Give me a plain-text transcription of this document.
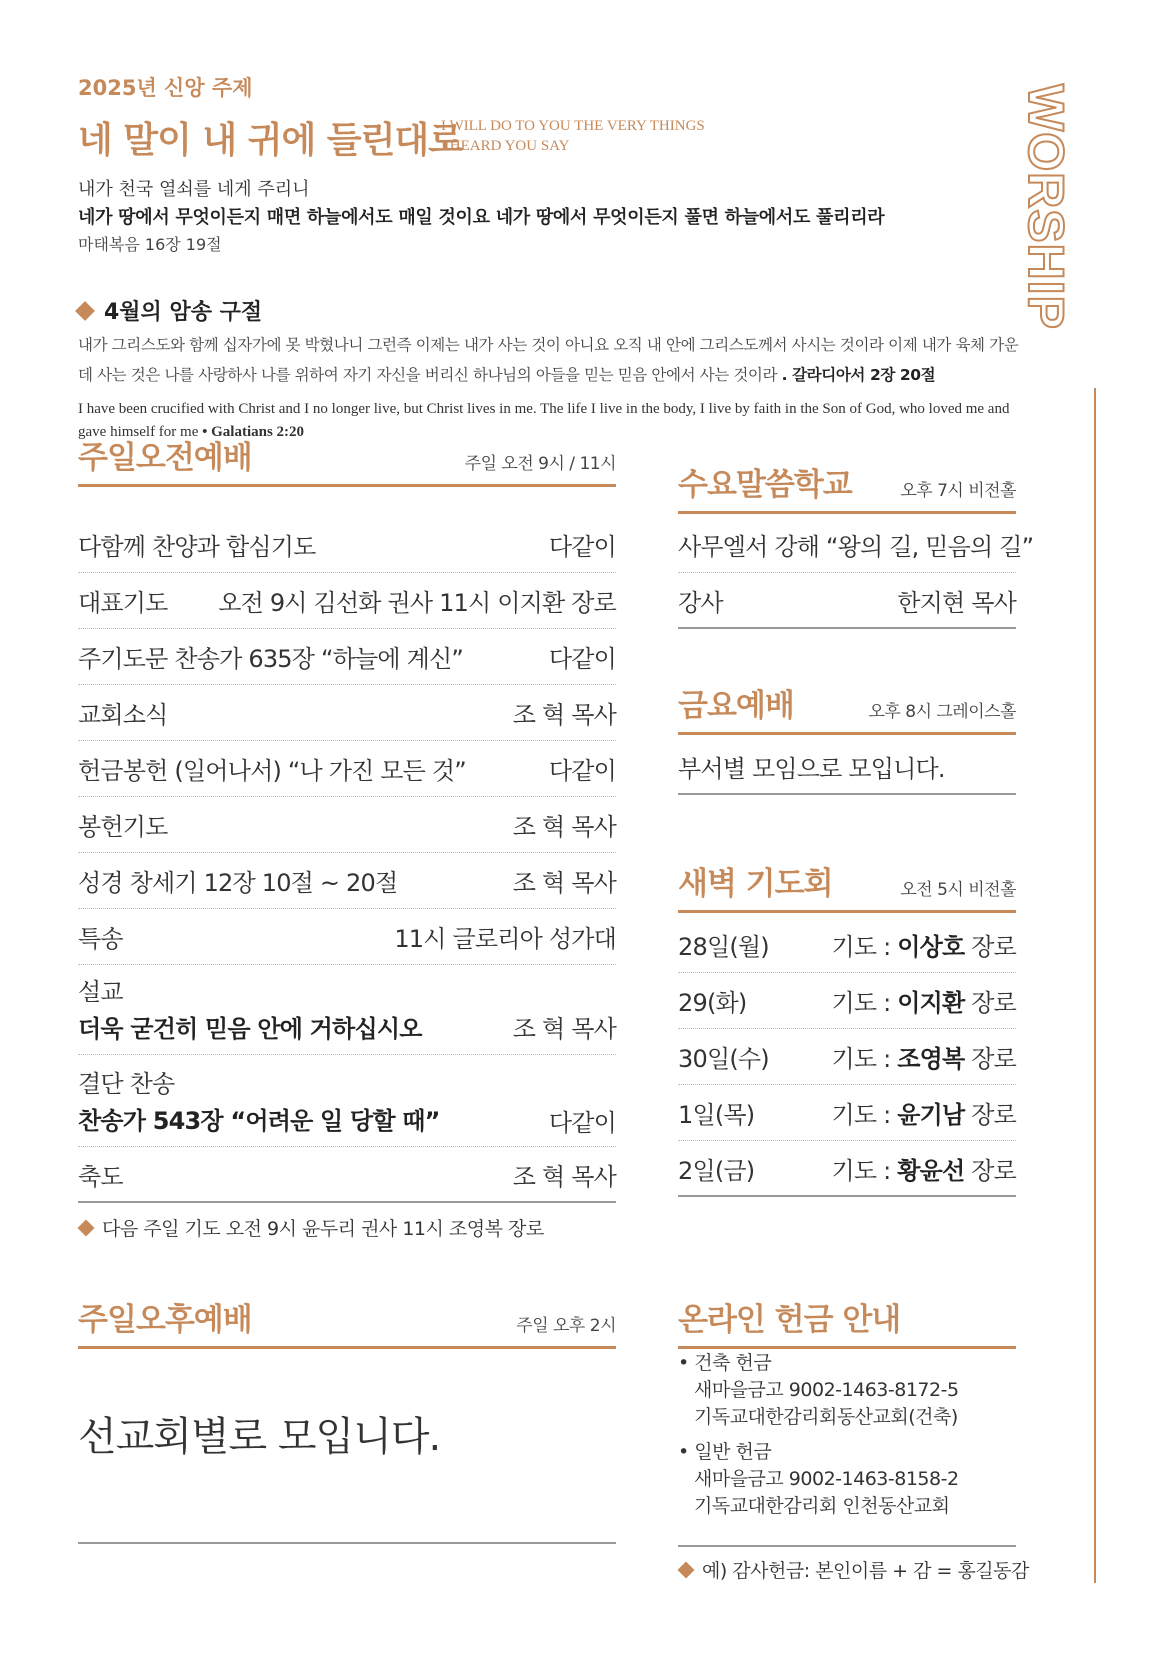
2025년 신앙 주제
네 말이 내 귀에 들린대로
I WILL DO TO YOU THE VERY THINGS
I HEARD YOU SAY
내가 천국 열쇠를 네게 주리니
네가 땅에서 무엇이든지 매면 하늘에서도 매일 것이요 네가 땅에서 무엇이든지 풀면 하늘에서도 풀리리라
마태복음 16장 19절
4월의 암송 구절
내가 그리스도와 함께 십자가에 못 박혔나니 그런즉 이제는 내가 사는 것이 아니요 오직 내 안에 그리스도께서 사시는 것이라 이제 내가 육체 가운데 사는 것은 나를 사랑하사 나를 위하여 자기 자신을 버리신 하나님의 아들을 믿는 믿음 안에서 사는 것이라 . 갈라디아서 2장 20절
I have been crucified with Christ and I no longer live, but Christ lives in me. The life I live in the body, I live by faith in the Son of God, who loved me and gave himself for me • Galatians 2:20
WORSHIP
주일오전예배	주일 오전 9시 / 11시
다함께 찬양과 합심기도	다같이
대표기도 오전 9시 김선화 권사 11시 이지환 장로
주기도문 찬송가 635장 “하늘에 계신”	다같이
교회소식	조 혁 목사
헌금봉헌 (일어나서) “나 가진 모든 것”	다같이
봉헌기도	조 혁 목사
성경 창세기 12장 10절 ~ 20절	조 혁 목사
특송	11시 글로리아 성가대
설교
더욱 굳건히 믿음 안에 거하십시오	조 혁 목사
결단 찬송
찬송가 543장 “어려운 일 당할 때”	다같이
축도	조 혁 목사
다음 주일 기도 오전 9시 윤두리 권사 11시 조영복 장로
주일오후예배	주일 오후 2시
선교회별로 모입니다.
수요말씀학교	오후 7시 비전홀
사무엘서 강해 “왕의 길, 믿음의 길”
강사	한지현 목사
금요예배	오후 8시 그레이스홀
부서별 모임으로 모입니다.
새벽 기도회	오전 5시 비전홀
28일(월)	기도 : 이상호 장로
29(화)	기도 : 이지환 장로
30일(수)	기도 : 조영복 장로
1일(목)	기도 : 윤기남 장로
2일(금)	기도 : 황윤선 장로
온라인 헌금 안내
• 건축 헌금
새마을금고 9002-1463-8172-5
기독교대한감리회동산교회(건축)
• 일반 헌금
새마을금고 9002-1463-8158-2
기독교대한감리회 인천동산교회
예) 감사헌금: 본인이름 + 감 = 홍길동감
